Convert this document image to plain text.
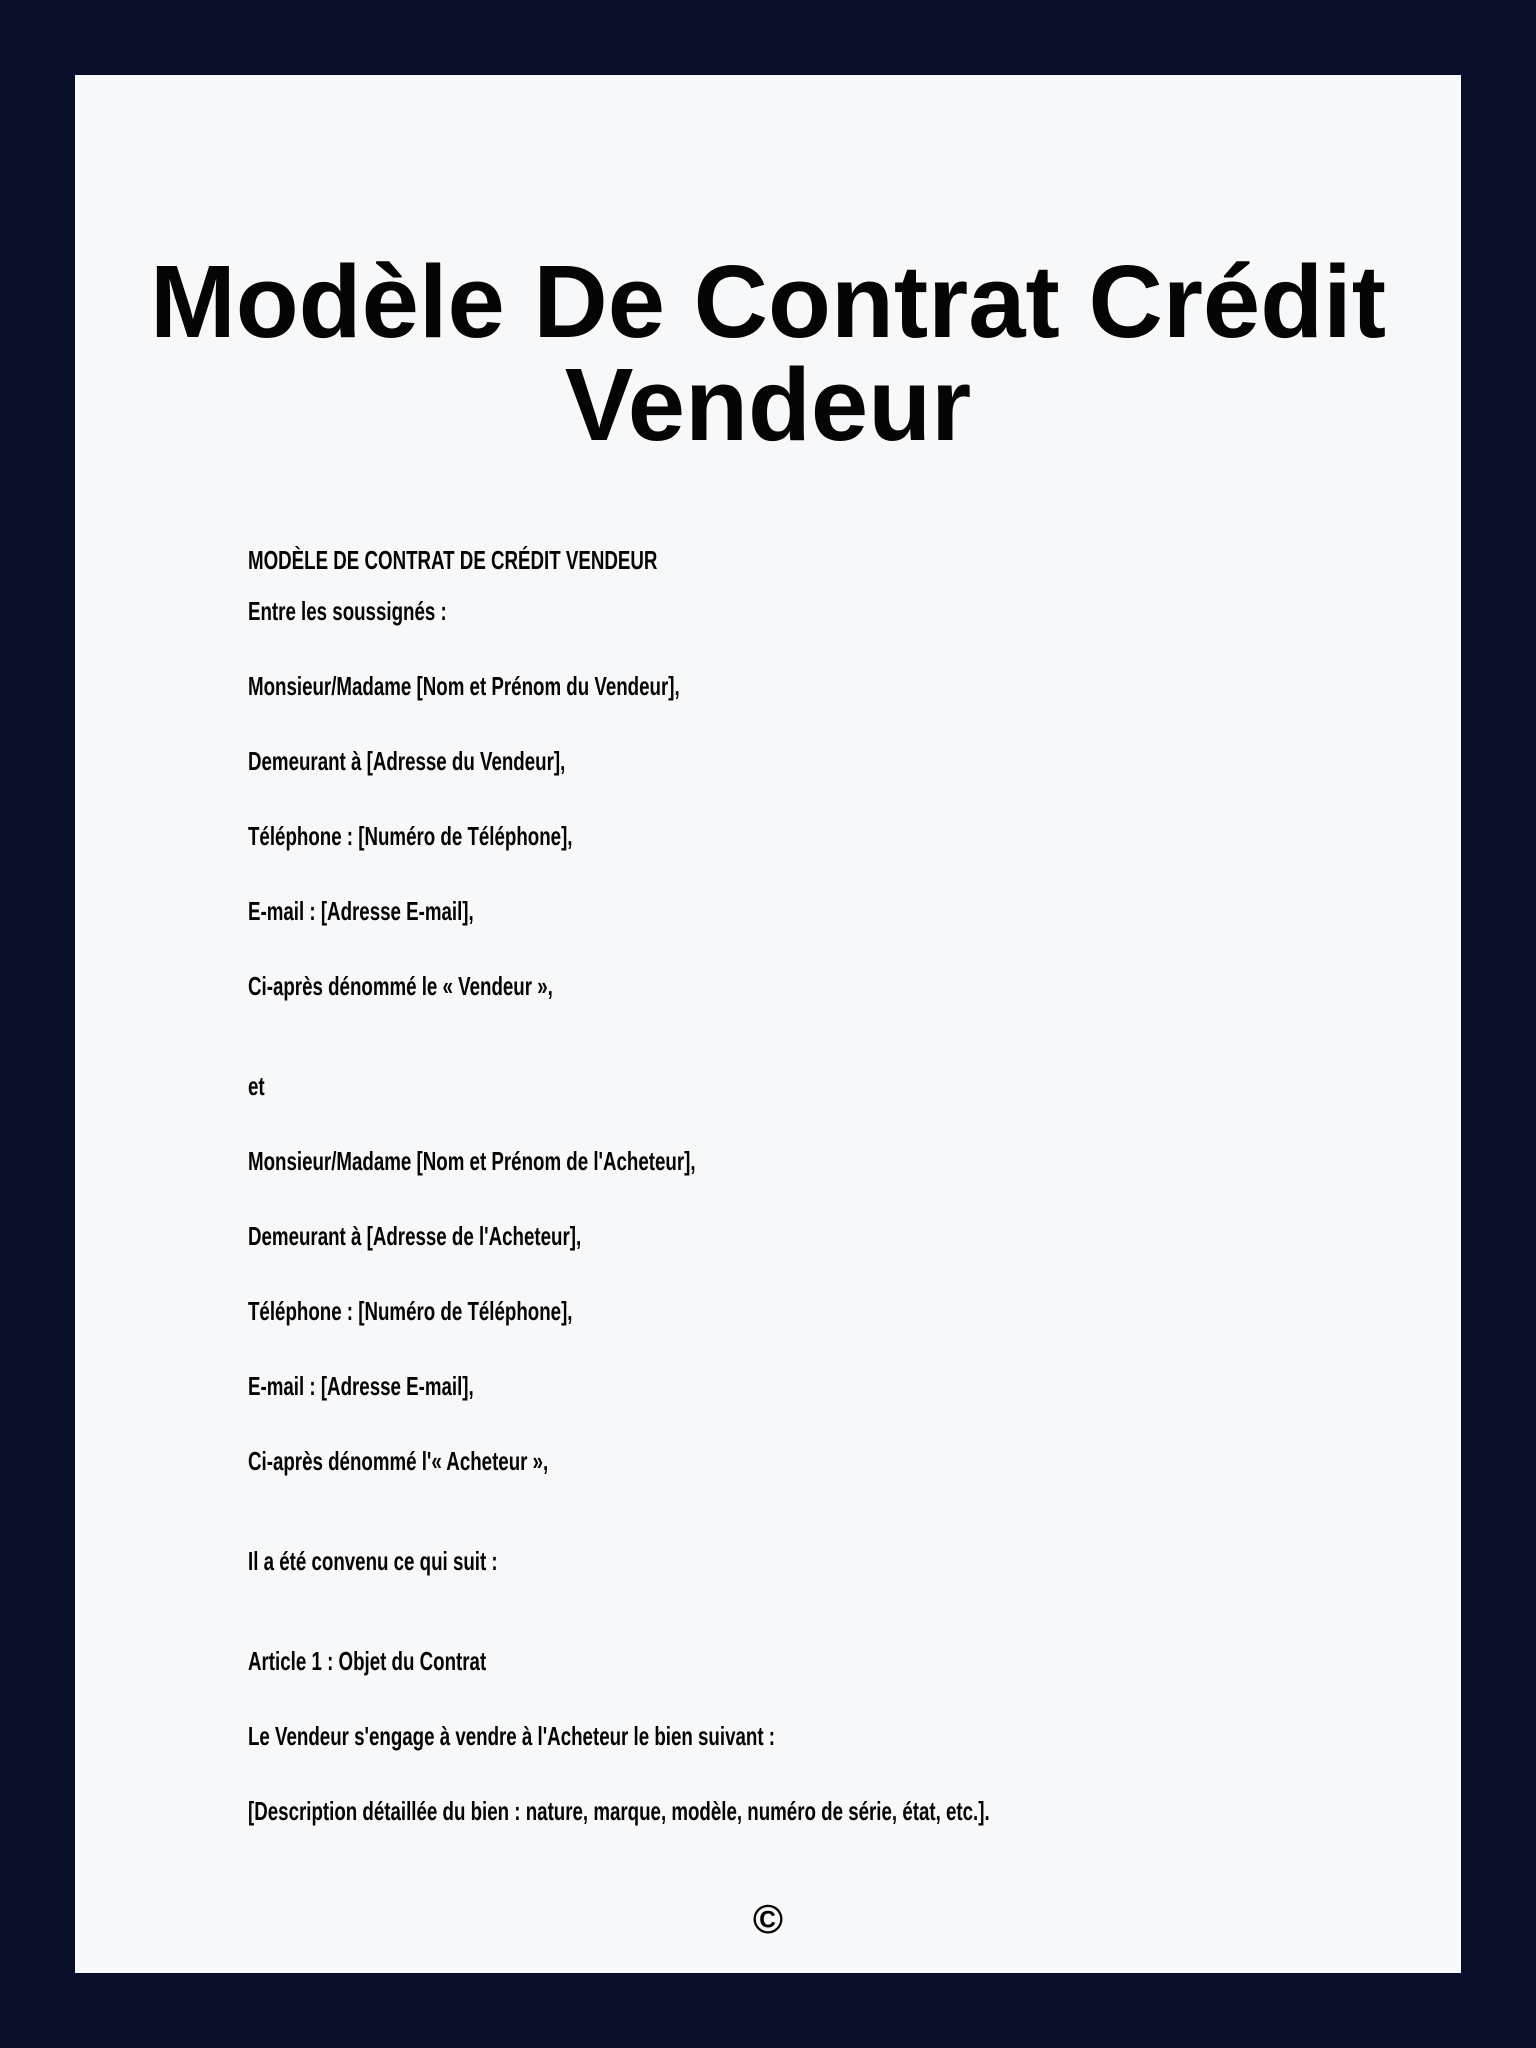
Modèle De Contrat Crédit Vendeur

MODÈLE DE CONTRAT DE CRÉDIT VENDEUR

Entre les soussignés :

Monsieur/Madame [Nom et Prénom du Vendeur],

Demeurant à [Adresse du Vendeur],

Téléphone : [Numéro de Téléphone],

E-mail : [Adresse E-mail],

Ci-après dénommé le « Vendeur »,

et

Monsieur/Madame [Nom et Prénom de l'Acheteur],

Demeurant à [Adresse de l'Acheteur],

Téléphone : [Numéro de Téléphone],

E-mail : [Adresse E-mail],

Ci-après dénommé l'« Acheteur »,

Il a été convenu ce qui suit :

Article 1 : Objet du Contrat

Le Vendeur s'engage à vendre à l'Acheteur le bien suivant :

[Description détaillée du bien : nature, marque, modèle, numéro de série, état, etc.].

©
